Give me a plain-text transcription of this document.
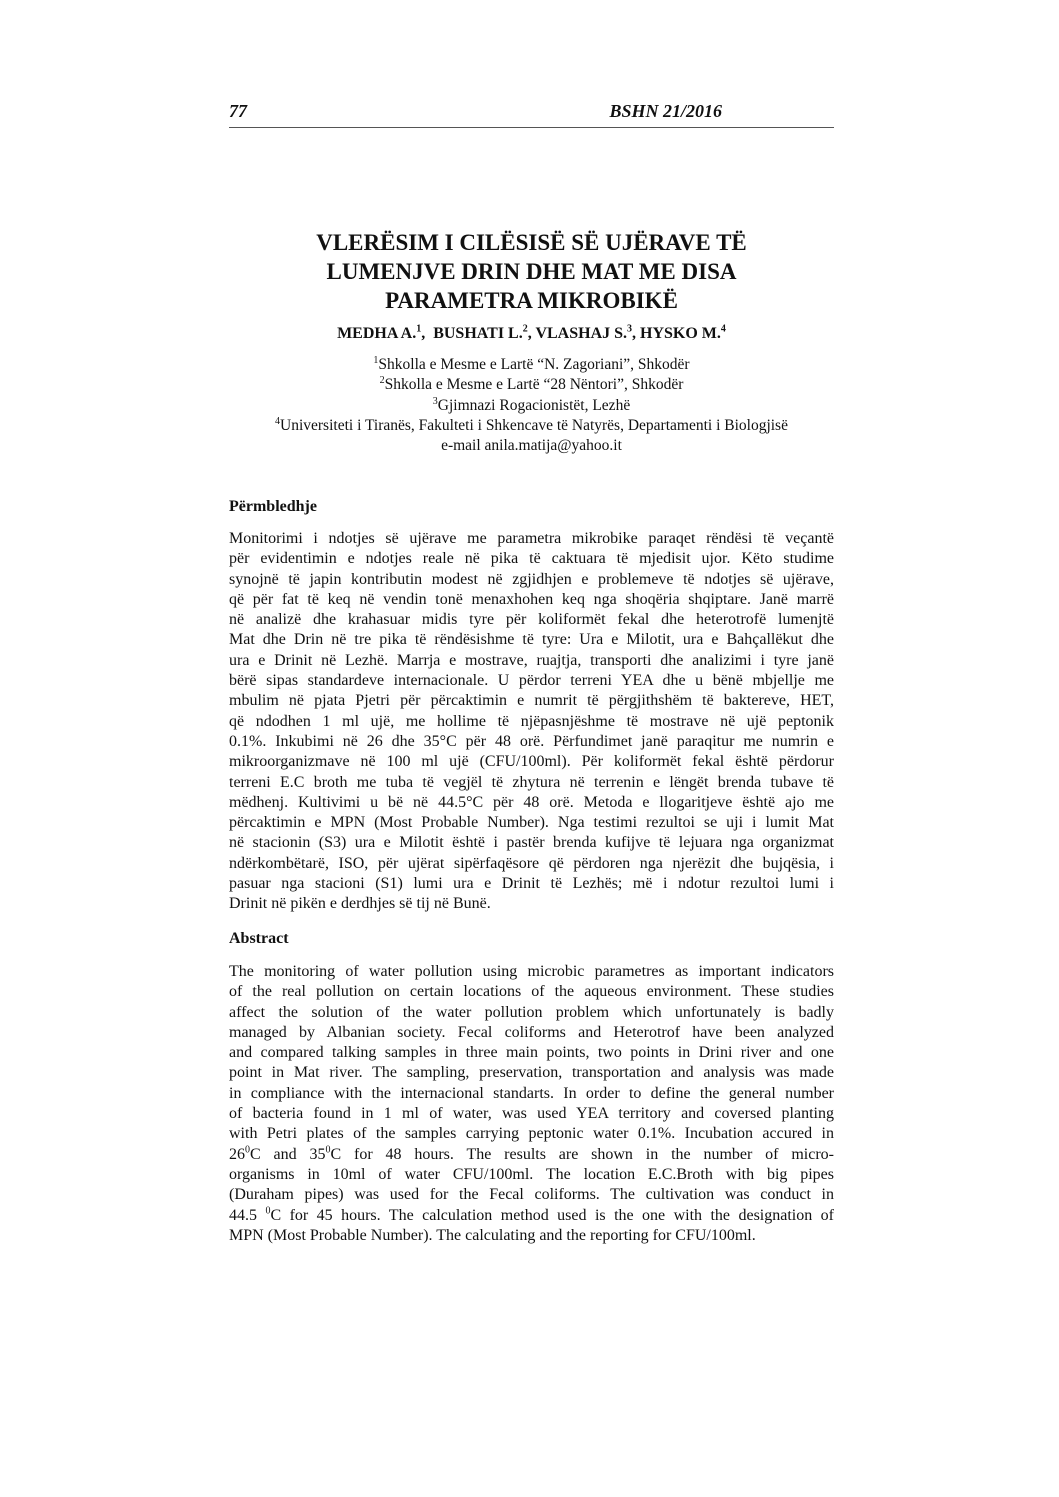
77	BSHN 21/2016
VLERËSIM I CILËSISË SË UJËRAVE TË
LUMENJVE DRIN DHE MAT ME DISA
PARAMETRA MIKROBIKË
MEDHA A.$^1$,  BUSHATI L.$^2$, VLASHAJ S.$^3$, HYSKO M.$^4$
$^1$Shkolla e Mesme e Lartë “N. Zagoriani”, Shkodër
$^2$Shkolla e Mesme e Lartë “28 Nëntori”, Shkodër
$^3$Gjimnazi Rogacionistët, Lezhë
$^4$Universiteti i Tiranës, Fakulteti i Shkencave të Natyrës, Departamenti i Biologjisë
e-mail anila.matija@yahoo.it
Përmbledhje
Monitorimi i ndotjes së ujërave me parametra mikrobike paraqet rëndësi të veçantë
për evidentimin e ndotjes reale në pika të caktuara të mjedisit ujor. Këto studime
synojnë të japin kontributin modest në zgjidhjen e problemeve të ndotjes së ujërave,
që për fat të keq në vendin tonë menaxhohen keq nga shoqëria shqiptare. Janë marrë
në analizë dhe krahasuar midis tyre për koliformët fekal dhe heterotrofë lumenjtë
Mat dhe Drin në tre pika të rëndësishme të tyre: Ura e Milotit, ura e Bahçallëkut dhe
ura e Drinit në Lezhë. Marrja e mostrave, ruajtja, transporti dhe analizimi i tyre janë
bërë sipas standardeve internacionale. U përdor terreni YEA dhe u bënë mbjellje me
mbulim në pjata Pjetri për përcaktimin e numrit të përgjithshëm të baktereve, HET,
që ndodhen 1 ml ujë, me hollime të njëpasnjëshme të mostrave në ujë peptonik
0.1%. Inkubimi në 26 dhe 35°C për 48 orë. Përfundimet janë paraqitur me numrin e
mikroorganizmave në 100 ml ujë (CFU/100ml). Për koliformët fekal është përdorur
terreni E.C broth me tuba të vegjël të zhytura në terrenin e lëngët brenda tubave të
mëdhenj. Kultivimi u bë në 44.5°C për 48 orë. Metoda e llogaritjeve është ajo me
përcaktimin e MPN (Most Probable Number). Nga testimi rezultoi se uji i lumit Mat
në stacionin (S3) ura e Milotit është i pastër brenda kufijve të lejuara nga organizmat
ndërkombëtarë, ISO, për ujërat sipërfaqësore që përdoren nga njerëzit dhe bujqësia, i
pasuar nga stacioni (S1) lumi ura e Drinit të Lezhës; më i ndotur rezultoi lumi i
Drinit në pikën e derdhjes së tij në Bunë.
Abstract
The monitoring of water pollution using microbic parametres as important indicators
of the real pollution on certain locations of the aqueous environment. These studies
affect the solution of the water pollution problem which unfortunately is badly
managed by Albanian society. Fecal coliforms and Heterotrof have been analyzed
and compared talking samples in three main points, two points in Drini river and one
point in Mat river. The sampling, preservation, transportation and analysis was made
in compliance with the internacional standarts. In order to define the general number
of bacteria found in 1 ml of water, was used YEA territory and coversed planting
with Petri plates of the samples carrying peptonic water 0.1%. Incubation accured in
$26^0C$ and $35^0C$ for 48 hours. The results are shown in the number of micro-
organisms in 10ml of water CFU/100ml. The location E.C.Broth with big pipes
(Duraham pipes) was used for the Fecal coliforms. The cultivation was conduct in
44.5 $^0$C for 45 hours. The calculation method used is the one with the designation of
MPN (Most Probable Number). The calculating and the reporting for CFU/100ml.
